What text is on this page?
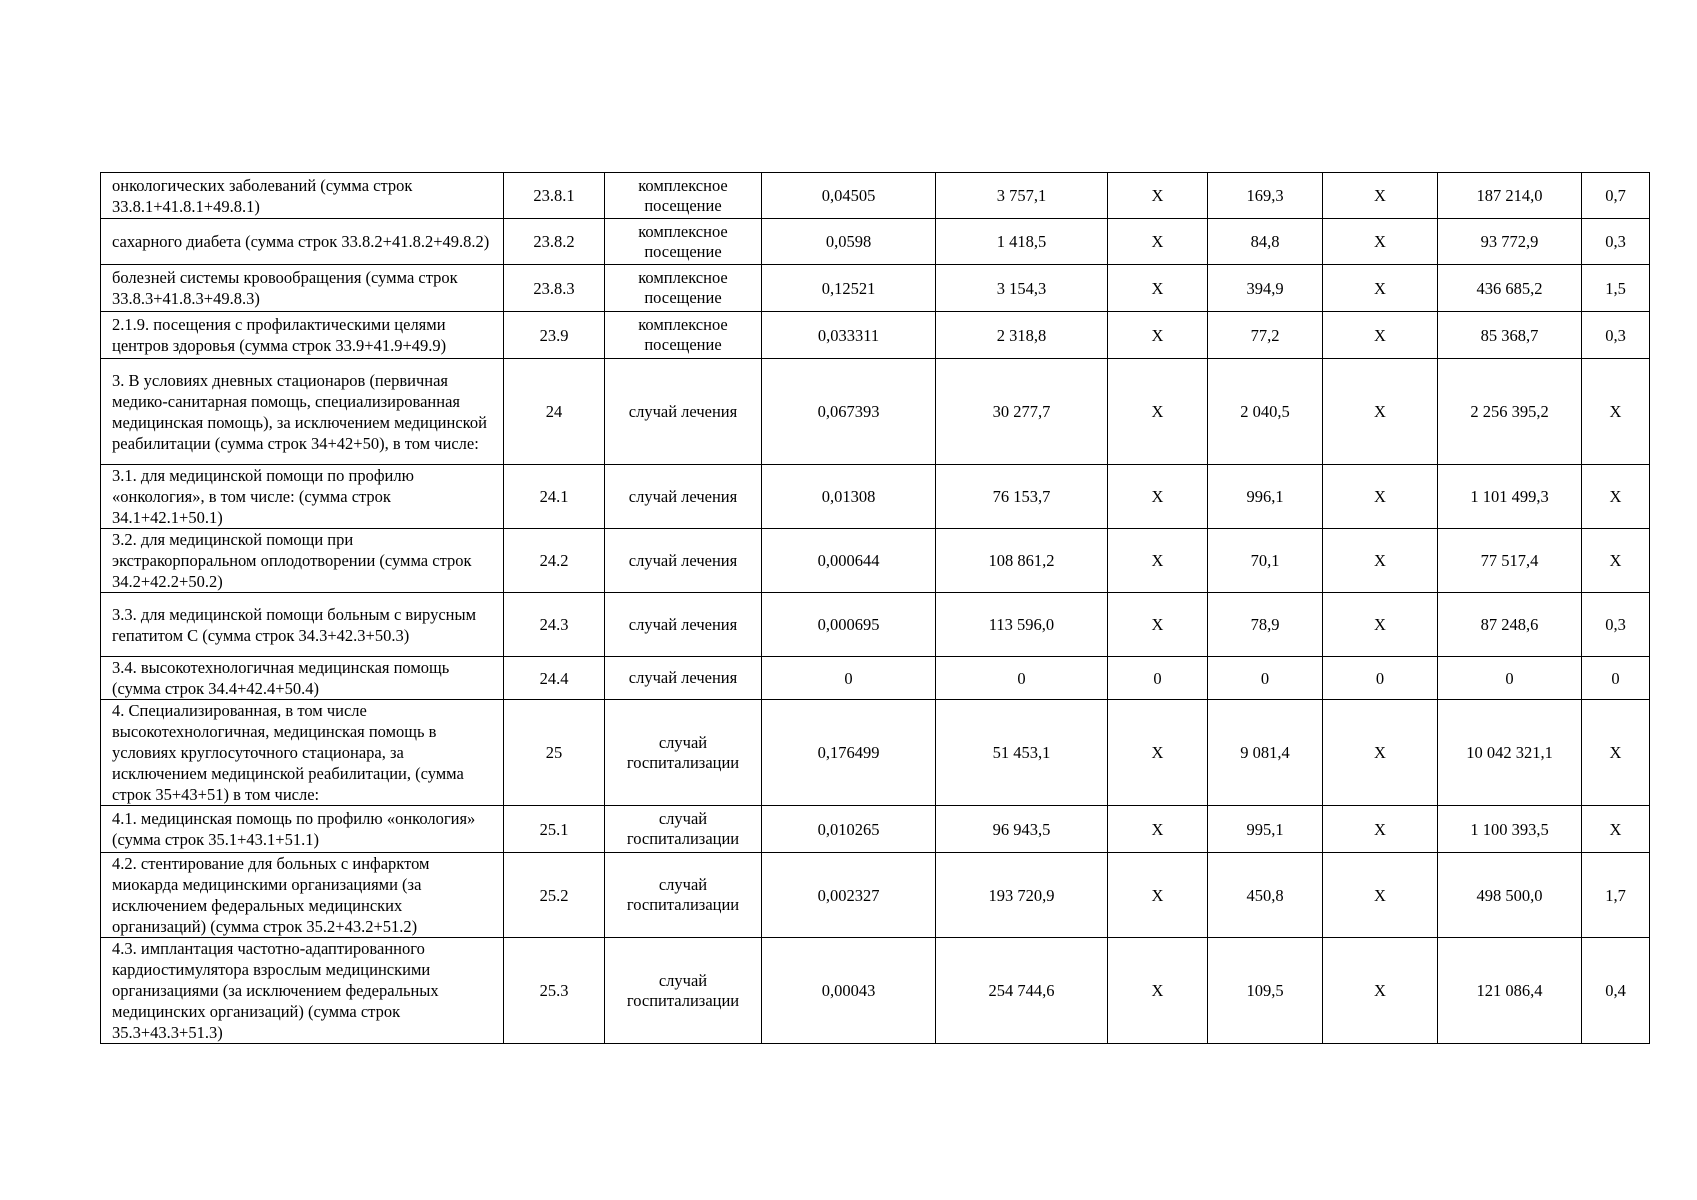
онкологических заболеваний (сумма строк 33.8.1+41.8.1+49.8.1)	23.8.1	комплексное посещение	0,04505	3 757,1	X	169,3	X	187 214,0	0,7
сахарного диабета (сумма строк 33.8.2+41.8.2+49.8.2)	23.8.2	комплексное посещение	0,0598	1 418,5	X	84,8	X	93 772,9	0,3
болезней системы кровообращения (сумма строк 33.8.3+41.8.3+49.8.3)	23.8.3	комплексное посещение	0,12521	3 154,3	X	394,9	X	436 685,2	1,5
2.1.9. посещения с профилактическими целями центров здоровья (сумма строк 33.9+41.9+49.9)	23.9	комплексное посещение	0,033311	2 318,8	X	77,2	X	85 368,7	0,3
3. В условиях дневных стационаров (первичная медико-санитарная помощь, специализированная медицинская помощь), за исключением медицинской реабилитации (сумма строк 34+42+50), в том числе:	24	случай лечения	0,067393	30 277,7	X	2 040,5	X	2 256 395,2	X
3.1. для медицинской помощи по профилю «онкология», в том числе: (сумма строк 34.1+42.1+50.1)	24.1	случай лечения	0,01308	76 153,7	X	996,1	X	1 101 499,3	X
3.2. для медицинской помощи при экстракорпоральном оплодотворении (сумма строк 34.2+42.2+50.2)	24.2	случай лечения	0,000644	108 861,2	X	70,1	X	77 517,4	X
3.3. для медицинской помощи больным с вирусным гепатитом С (сумма строк 34.3+42.3+50.3)	24.3	случай лечения	0,000695	113 596,0	X	78,9	X	87 248,6	0,3
3.4. высокотехнологичная медицинская помощь (сумма строк 34.4+42.4+50.4)	24.4	случай лечения	0	0	0	0	0	0	0
4. Специализированная, в том числе высокотехнологичная, медицинская помощь в условиях круглосуточного стационара, за исключением медицинской реабилитации, (сумма строк 35+43+51) в том числе:	25	случай госпитализации	0,176499	51 453,1	X	9 081,4	X	10 042 321,1	X
4.1. медицинская помощь по профилю «онкология» (сумма строк 35.1+43.1+51.1)	25.1	случай госпитализации	0,010265	96 943,5	X	995,1	X	1 100 393,5	X
4.2. стентирование для больных с инфарктом миокарда медицинскими организациями (за исключением федеральных медицинских организаций) (сумма строк 35.2+43.2+51.2)	25.2	случай госпитализации	0,002327	193 720,9	X	450,8	X	498 500,0	1,7
4.3. имплантация частотно-адаптированного кардиостимулятора взрослым медицинскими организациями (за исключением федеральных медицинских организаций) (сумма строк 35.3+43.3+51.3)	25.3	случай госпитализации	0,00043	254 744,6	X	109,5	X	121 086,4	0,4
